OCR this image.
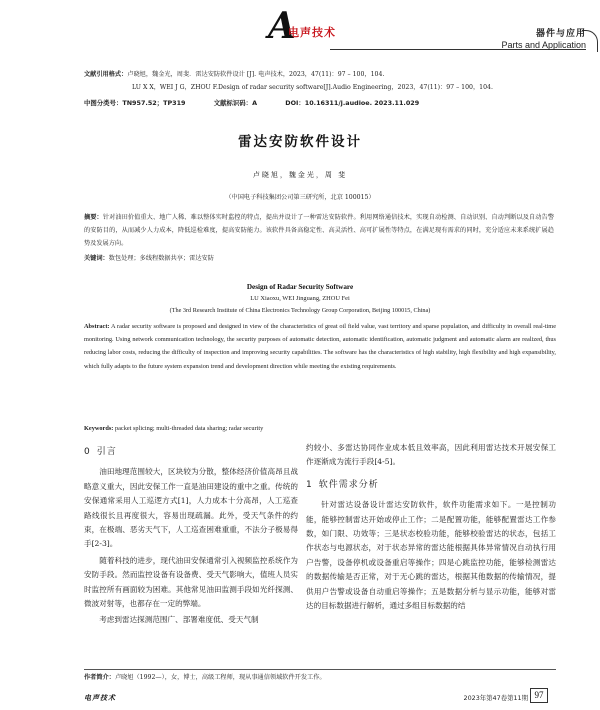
A
电声技术	器件与应用
Parts and Application
文献引用格式：卢晓旭，魏金光，周斐．雷达安防软件设计 [J]. 电声技术，2023，47(11)：97 – 100，104.
LU X X，WEI J G，ZHOU F.Design of radar security software[J].Audio Engineering，2023，47(11)：97 – 100，104.
中图分类号：TN957.52；TP319	文献标识码：A	DOI：10.16311/j.audioe. 2023.11.029
雷达安防软件设计
卢晓旭，魏金光，周 斐
（中国电子科技集团公司第三研究所，北京 100015）
摘要：针对油田价值重大、地广人稀、难以整体实时监控的特点，提出并设计了一种雷达安防软件。利用网络通信技术，实现自动检测、自动识别、自动判断以及自动告警的安防目的，从而减少人力成本，降低巡检难度，提高安防能力。该软件具备高稳定性、高灵活性、高可扩展性等特点，在满足现有需求的同时，充分适应未来系统扩展趋势及发展方向。
关键词：数包处理；多线程数据共享；雷达安防
Design of Radar Security Software
LU Xiaoxu, WEI Jinguang, ZHOU Fei
(The 3rd Research Institute of China Electronics Technology Group Corporation, Beijing 100015, China)
Abstract: A radar security software is proposed and designed in view of the characteristics of great oil field value, vast territory and sparse population, and difficulty in overall real-time monitoring. Using network communication technology, the security purposes of automatic detection, automatic identification, automatic judgment and automatic alarm are realized, thus reducing labor costs, reducing the difficulty of inspection and improving security capabilities. The software has the characteristics of high stability, high flexibility and high expansibility, which fully adapts to the future system expansion trend and development direction while meeting the existing requirements.
Keywords: packet splicing; multi-threaded data sharing; radar security
0 引言

油田地理范围较大，区块较为分散，整体经济价值高昂且战略意义重大，因此安保工作一直是油田建设的重中之重。传统的安保通常采用人工巡逻方式[1]，人力成本十分高昂，人工巡查路线很长且再度很大，容易出现疏漏。此外，受天气条件的约束，在极端、恶劣天气下，人工巡查困难重重，不法分子极易得手[2-3]。

随着科技的进步，现代油田安保通常引入视频监控系统作为安防手段。然而监控设备有设备费、受天气影响大，值班人员实时监控所有画面较为困难。其他常见油田监测手段如光纤探测、微波对射等，也都存在一定的弊端。

考虑到雷达探测范围广、部署难度低、受天气制

约较小、多雷达协同作业成本低且效率高，因此利用雷达技术开展安保工作逐渐成为流行手段[4-5]。

1 软件需求分析

针对雷达设备设计雷达安防软件，软件功能需求如下。一是控制功能，能够控制雷达开始或停止工作；二是配置功能，能够配置雷达工作参数，如门限、功效等；三是状态校验功能，能够校验雷达的状态，包括工作状态与电源状态，对于状态异常的雷达能根据具体异常情况自动执行用户告警，设备停机或设备重启等操作；四是心跳监控功能，能够检测雷达的数据传输是否正常，对于无心跳的雷达，根据其他数据的传输情况，提供用户告警或设备自动重启等操作；五是数据分析与显示功能，能够对雷达的目标数据进行解析，通过多组目标数据的结

作者简介：卢晓旭（1992—），女，博士，高级工程师，现从事通信领域软件开发工作。
电声技术	2023年第47卷第11期 97
